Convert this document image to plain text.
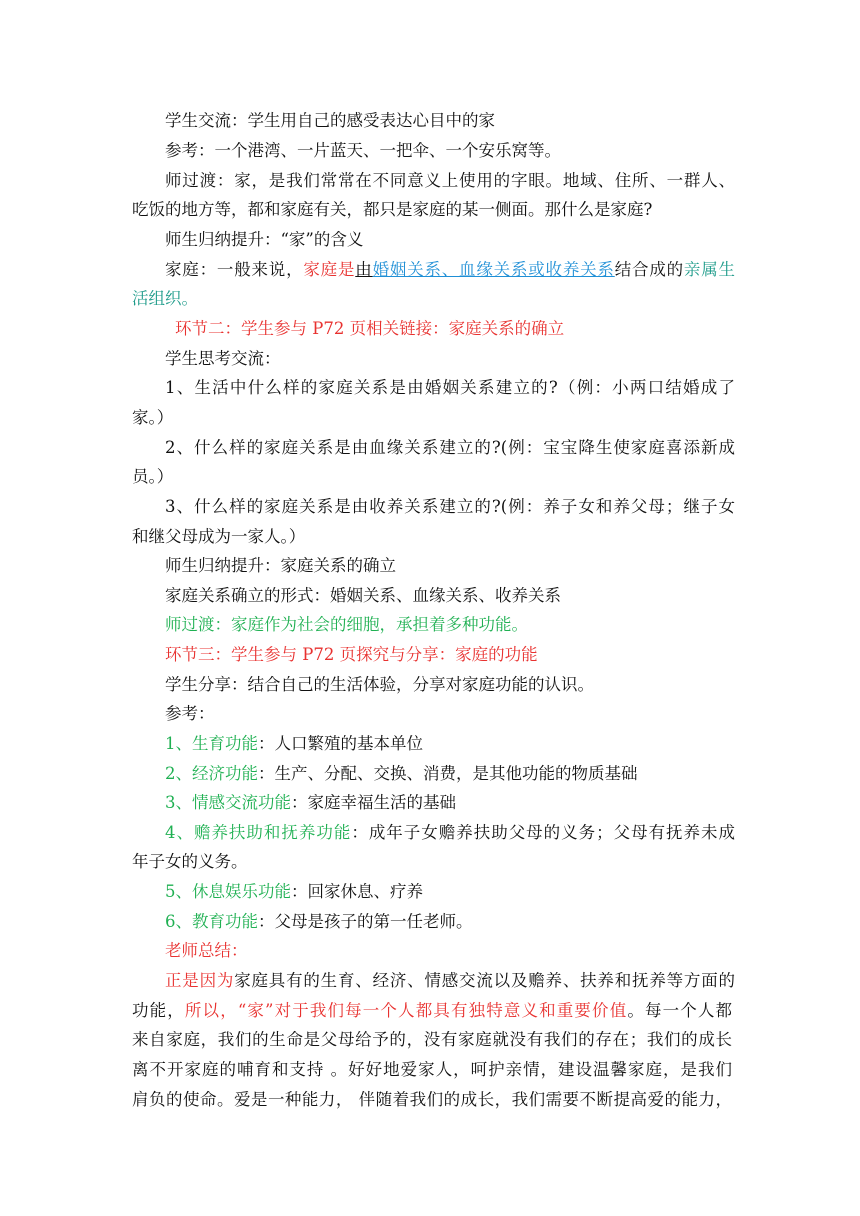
学生交流：学生用自己的感受表达心目中的家
参考：一个港湾、一片蓝天、一把伞、一个安乐窝等。
师过渡：家，是我们常常在不同意义上使用的字眼。地域、住所、一群人、
吃饭的地方等，都和家庭有关，都只是家庭的某一侧面。那什么是家庭?
师生归纳提升：“家”的含义
家庭：一般来说，家庭是由婚姻关系、血缘关系或收养关系结合成的亲属生
活组织。
环节二：学生参与 P72 页相关链接：家庭关系的确立
学生思考交流：
1、生活中什么样的家庭关系是由婚姻关系建立的?（例：小两口结婚成了
家。）
2、什么样的家庭关系是由血缘关系建立的?(例：宝宝降生使家庭喜添新成
员。）
3、什么样的家庭关系是由收养关系建立的?(例：养子女和养父母；继子女
和继父母成为一家人。）
师生归纳提升：家庭关系的确立
家庭关系确立的形式：婚姻关系、血缘关系、收养关系
师过渡：家庭作为社会的细胞，承担着多种功能。
环节三：学生参与 P72 页探究与分享：家庭的功能
学生分享：结合自己的生活体验，分享对家庭功能的认识。
参考：
1、生育功能：人口繁殖的基本单位
2、经济功能：生产、分配、交换、消费，是其他功能的物质基础
3、情感交流功能：家庭幸福生活的基础
4、赡养扶助和抚养功能：成年子女赡养扶助父母的义务；父母有抚养未成
年子女的义务。
5、休息娱乐功能：回家休息、疗养
6、教育功能：父母是孩子的第一任老师。
老师总结：
正是因为家庭具有的生育、经济、情感交流以及赡养、扶养和抚养等方面的
功能，所以，“家”对于我们每一个人都具有独特意义和重要价值。每一个人都
来自家庭，我们的生命是父母给予的，没有家庭就没有我们的存在；我们的成长
离不开家庭的哺育和支持 。好好地爱家人，呵护亲情，建设温馨家庭，是我们
肩负的使命。爱是一种能力， 伴随着我们的成长，我们需要不断提高爱的能力，
